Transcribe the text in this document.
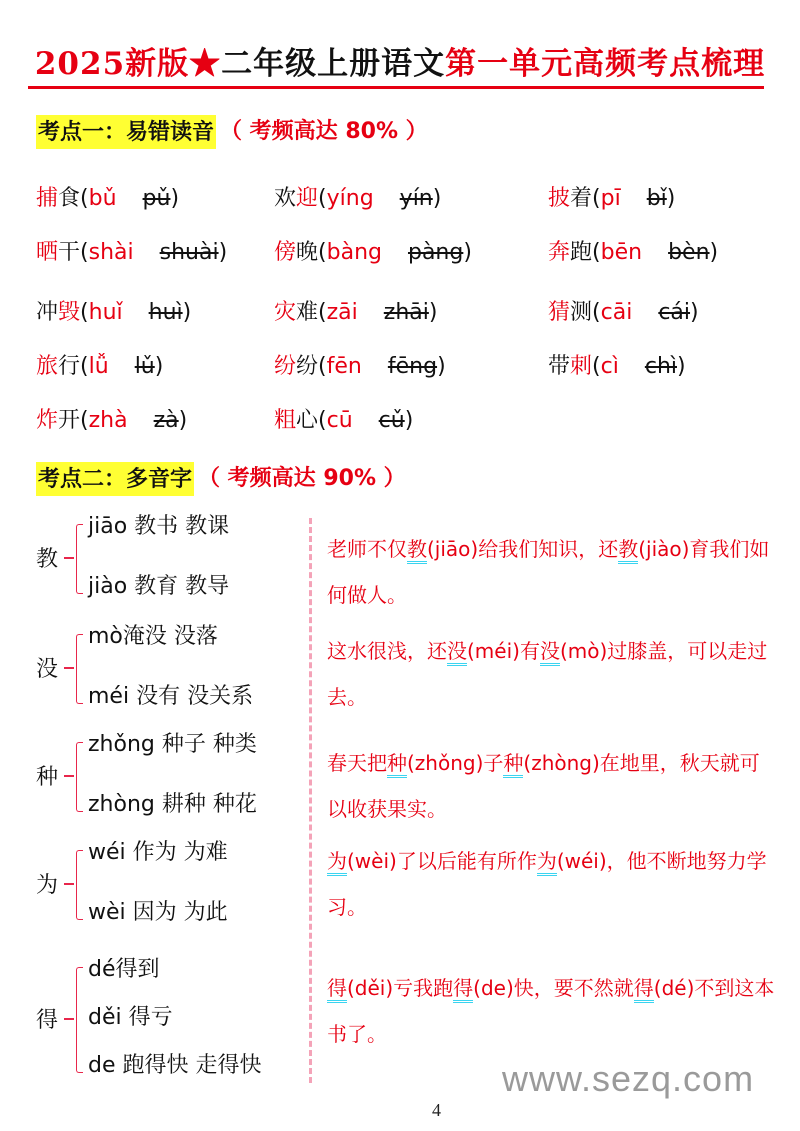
2025新版★二年级上册语文第一单元高频考点梳理
考点一：易错读音 （ 考频高达 80% ）
捕食(bǔ pǔ)	欢迎(yíng yín)	披着(pī bǐ)
晒干(shài shuài) 傍晚(bàng pàng)	奔跑(bēn bèn)
冲毁(huǐ huì)	灾难(zāi zhāi)	猜测(cāi cái)
旅行(lǚ lǔ)	纷纷(fēn fēng)	带刺(cì chì)
炸开(zhà zà)	粗心(cū cǔ)
考点二：多音字 （ 考频高达 90% ）
教
jiāo 教书 教课
jiào 教育 教导
没
mò淹没 没落
méi 没有 没关系
种
zhǒng 种子 种类
zhòng 耕种 种花
为
wéi 作为 为难
wèi 因为 为此
得
dé得到
děi 得亏
de 跑得快 走得快
老师不仅教(jiāo)给我们知识，还教(jiào)育我们如何做人。
这水很浅，还没(méi)有没(mò)过膝盖，可以走过去。
春天把种(zhǒng)子种(zhòng)在地里，秋天就可以收获果实。
为(wèi)了以后能有所作为(wéi)，他不断地努力学习。
得(děi)亏我跑得(de)快，要不然就得(dé)不到这本书了。
www.sezq.com
4
